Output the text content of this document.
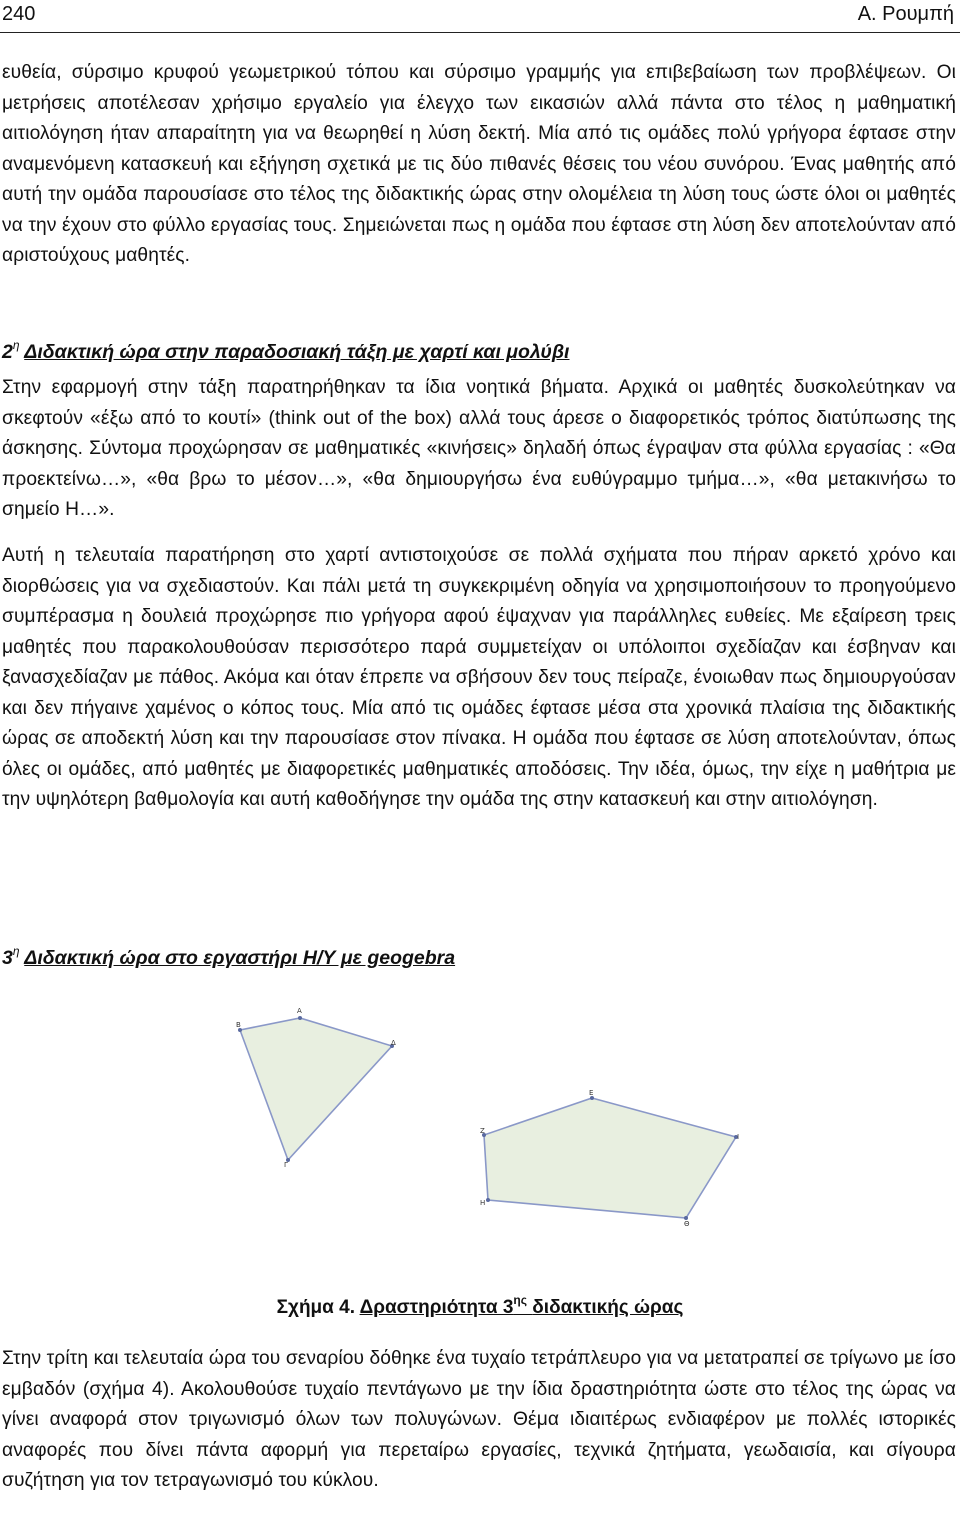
240	Α. Ρουμπή

ευθεία, σύρσιμο κρυφού γεωμετρικού τόπου και σύρσιμο γραμμής για επιβεβαίωση των προβλέψεων. Οι μετρήσεις αποτέλεσαν χρήσιμο εργαλείο για έλεγχο των εικασιών αλλά πάντα στο τέλος η μαθηματική αιτιολόγηση ήταν απαραίτητη για να θεωρηθεί η λύση δεκτή. Μία από τις ομάδες πολύ γρήγορα έφτασε στην αναμενόμενη κατασκευή και εξήγηση σχετικά με τις δύο πιθανές θέσεις του νέου συνόρου. Ένας μαθητής από αυτή την ομάδα παρουσίασε στο τέλος της διδακτικής ώρας στην ολομέλεια τη λύση τους ώστε όλοι οι μαθητές να την έχουν στο φύλλο εργασίας τους. Σημειώνεται πως η ομάδα που έφτασε στη λύση δεν αποτελούνταν από αριστούχους μαθητές.

$2^\eta$ Διδακτική ώρα στην παραδοσιακή τάξη με χαρτί και μολύβι

Στην εφαρμογή στην τάξη παρατηρήθηκαν τα ίδια νοητικά βήματα. Αρχικά οι μαθητές δυσκολεύτηκαν να σκεφτούν «έξω από το κουτί» (think out of the box) αλλά τους άρεσε ο διαφορετικός τρόπος διατύπωσης της άσκησης. Σύντομα προχώρησαν σε μαθηματικές «κινήσεις» δηλαδή όπως έγραψαν στα φύλλα εργασίας : «Θα προεκτείνω…», «θα βρω το μέσον…», «θα δημιουργήσω ένα ευθύγραμμο τμήμα…», «θα μετακινήσω το σημείο Η…».

Αυτή η τελευταία παρατήρηση στο χαρτί αντιστοιχούσε σε πολλά σχήματα που πήραν αρκετό χρόνο και διορθώσεις για να σχεδιαστούν. Και πάλι μετά τη συγκεκριμένη οδηγία να χρησιμοποιήσουν το προηγούμενο συμπέρασμα η δουλειά προχώρησε πιο γρήγορα αφού έψαχναν για παράλληλες ευθείες. Με εξαίρεση τρεις μαθητές που παρακολουθούσαν περισσότερο παρά συμμετείχαν οι υπόλοιποι σχεδίαζαν και έσβηναν και ξανασχεδίαζαν με πάθος. Ακόμα και όταν έπρεπε να σβήσουν δεν τους πείραζε, ένοιωθαν πως δημιουργούσαν και δεν πήγαινε χαμένος ο κόπος τους. Μία από τις ομάδες έφτασε μέσα στα χρονικά πλαίσια της διδακτικής ώρας σε αποδεκτή λύση και την παρουσίασε στον πίνακα. Η ομάδα που έφτασε σε λύση αποτελούνταν, όπως όλες οι ομάδες, από μαθητές με διαφορετικές μαθηματικές αποδόσεις. Την ιδέα, όμως, την είχε η μαθήτρια με την υψηλότερη βαθμολογία και αυτή καθοδήγησε την ομάδα της στην κατασκευή και στην αιτιολόγηση.

$3^\eta$ Διδακτική ώρα στο εργαστήρι Η/Υ με geogebra
B
A
Δ
Γ
E
I
Θ
H
Z
Σχήμα 4. Δραστηριότητα $3^{\eta\varsigma}$ διδακτικής ώρας

Στην τρίτη και τελευταία ώρα του σεναρίου δόθηκε ένα τυχαίο τετράπλευρο για να μετατραπεί σε τρίγωνο με ίσο εμβαδόν (σχήμα 4). Ακολουθούσε τυχαίο πεντάγωνο με την ίδια δραστηριότητα ώστε στο τέλος της ώρας να γίνει αναφορά στον τριγωνισμό όλων των πολυγώνων. Θέμα ιδιαιτέρως ενδιαφέρον με πολλές ιστορικές αναφορές που δίνει πάντα αφορμή για περεταίρω εργασίες, τεχνικά ζητήματα, γεωδαισία, και σίγουρα συζήτηση για τον τετραγωνισμό του κύκλου.
